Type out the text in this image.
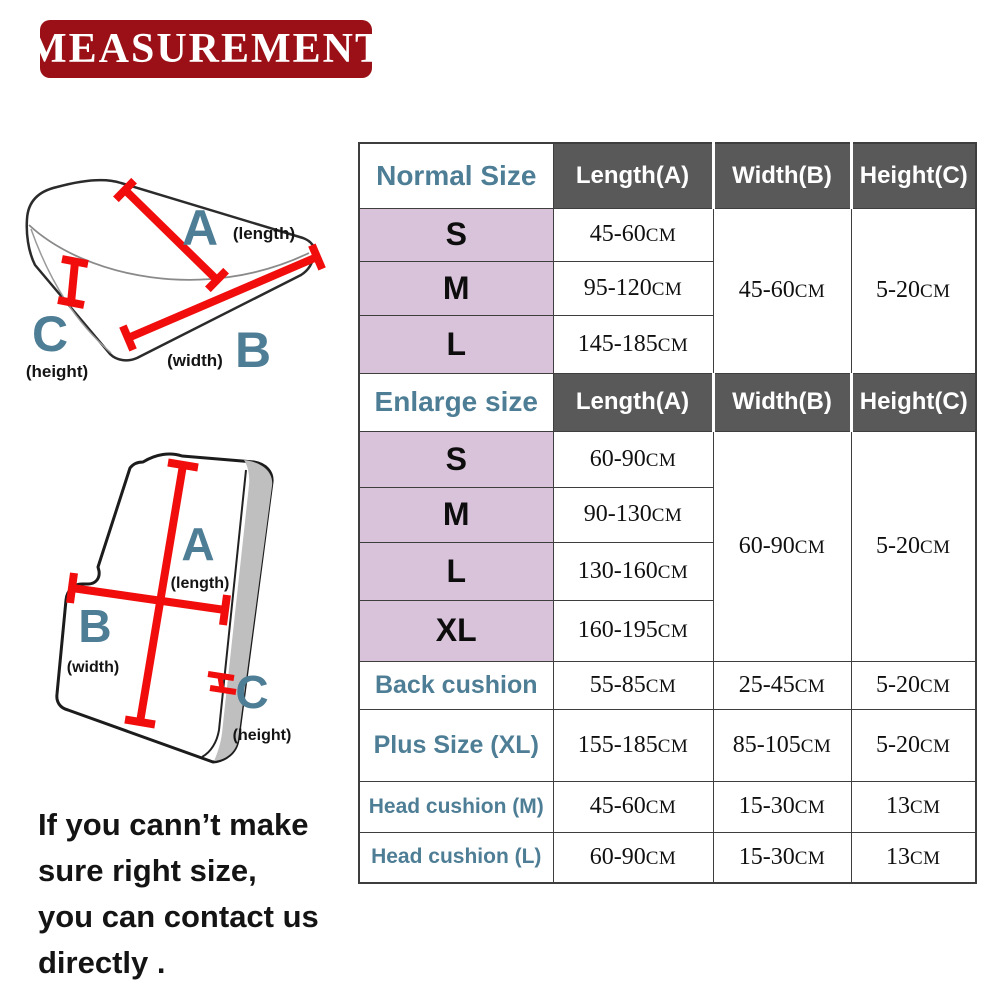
MEASUREMENT
A (length)
C
(height)	B
(width)
A
(length)
B
(width)	C
(height)
Normal Size	Length(A)	Width(B)	Height(C)
S	45-60CM	45-60CM	5-20CM
M	95-120CM		
L	145-185CM		
Enlarge size	Length(A)	Width(B)	Height(C)
S	60-90CM	60-90CM	5-20CM
M	90-130CM		
L	130-160CM		
XL	160-195CM		
Back cushion	55-85CM	25-45CM	5-20CM
Plus Size (XL)	155-185CM	85-105CM	5-20CM
Head cushion (M)	45-60CM	15-30CM	13CM
Head cushion (L)	60-90CM	15-30CM	13CM
If you cann’t make
sure right size,
you can contact us
directly .
